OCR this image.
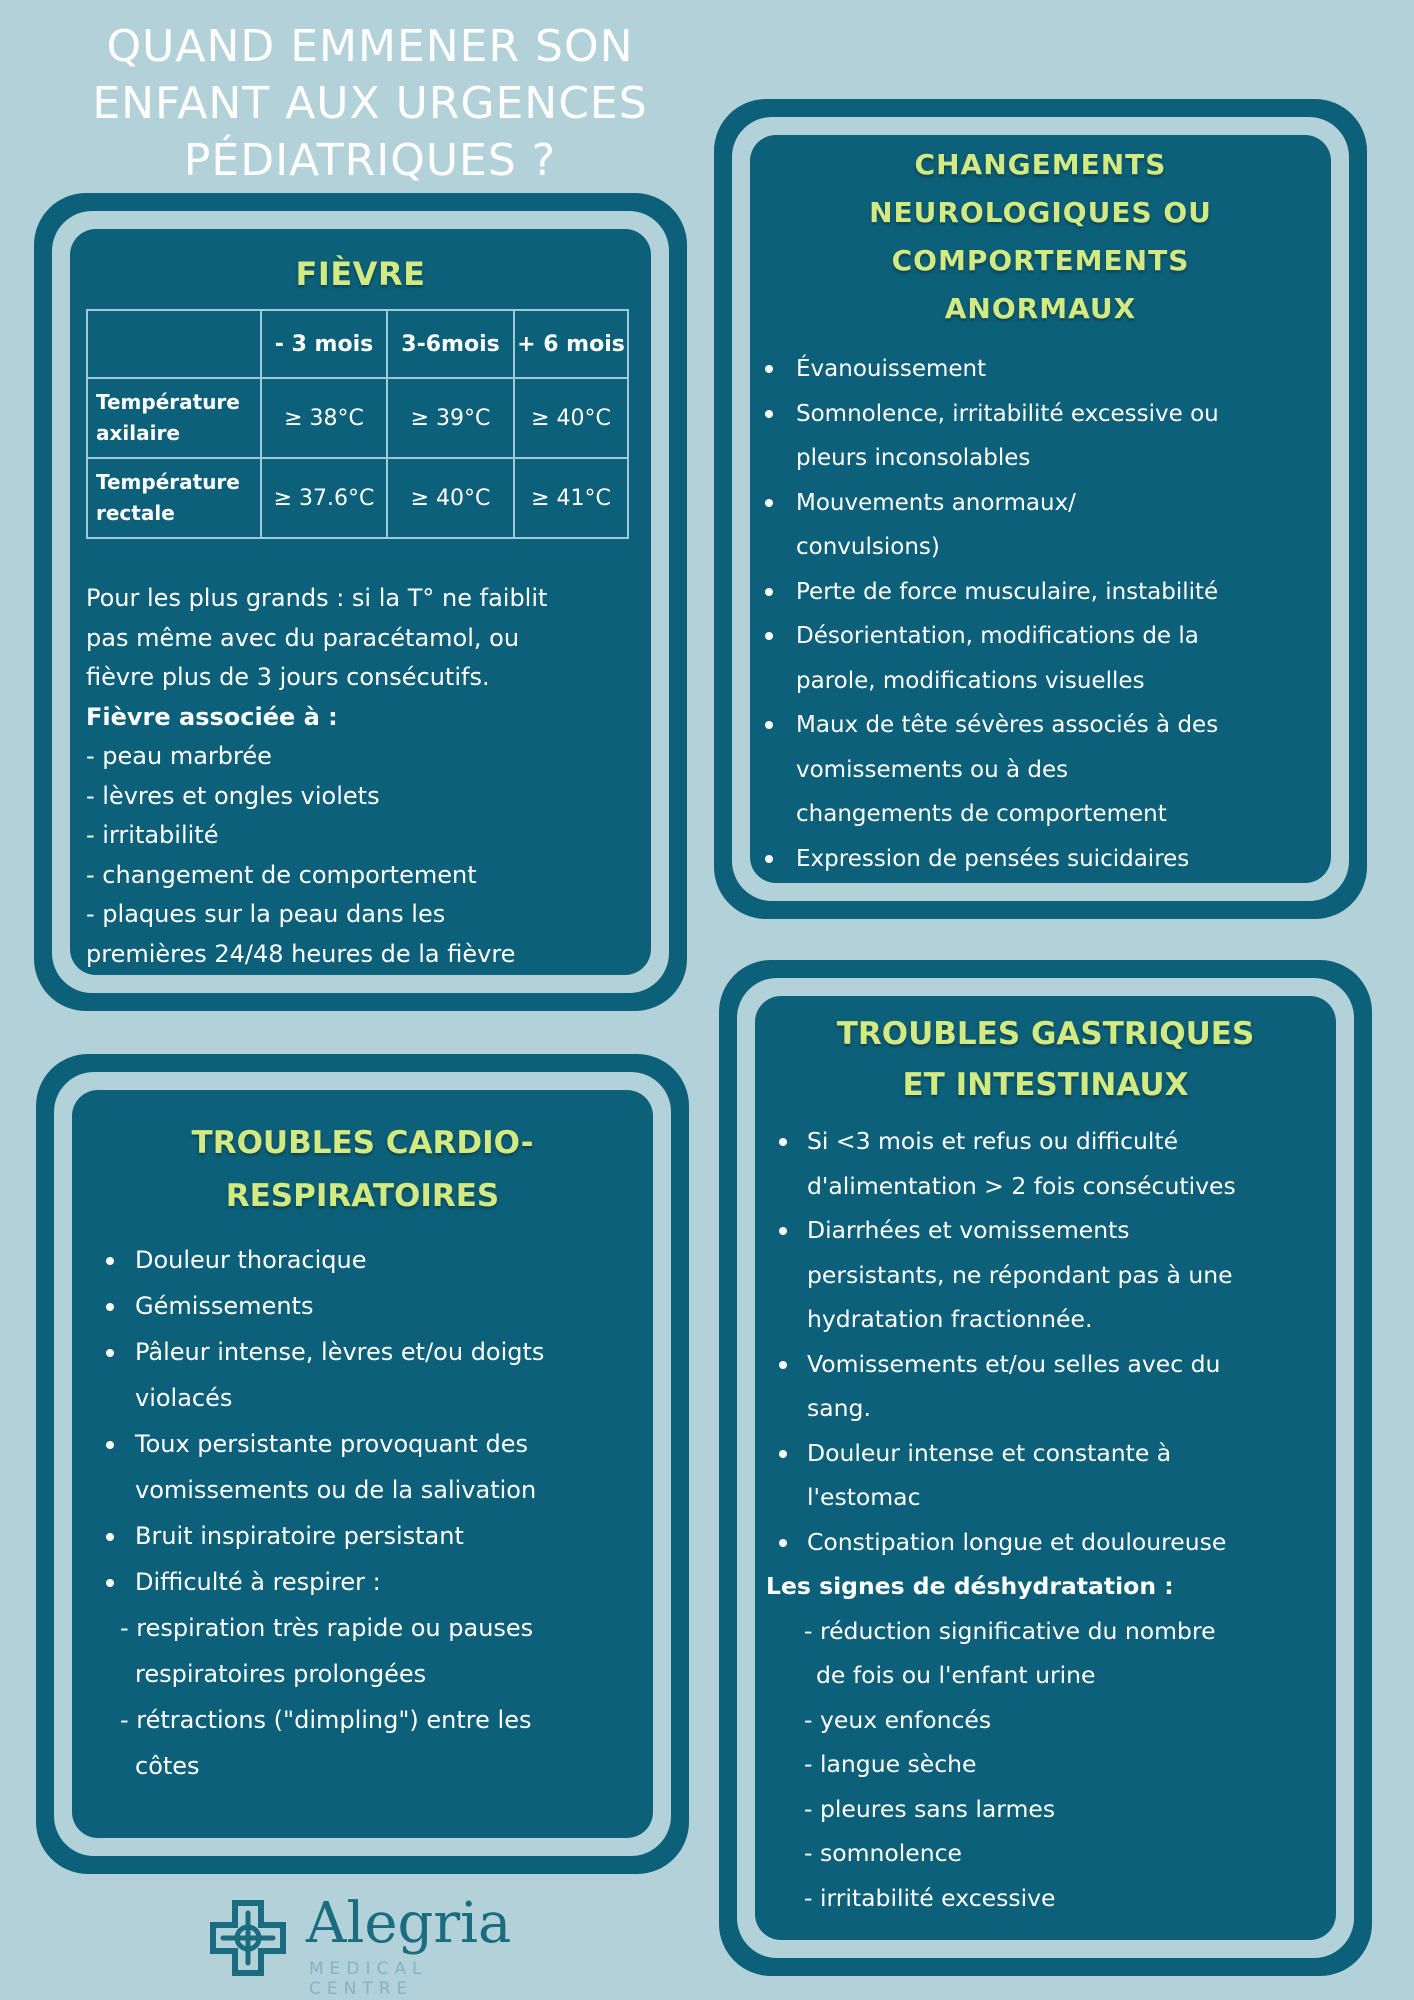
QUAND EMMENER SON
ENFANT AUX URGENCES
PÉDIATRIQUES ?
FIÈVRE
	- 3 mois	3-6mois	+ 6 mois

Température
axilaire	≥ 38°C	≥ 39°C	≥ 40°C

Température
rectale	≥ 37.6°C	≥ 40°C	≥ 41°C
Pour les plus grands : si la T° ne faiblit
pas même avec du paracétamol, ou
fièvre plus de 3 jours consécutifs.
Fièvre associée à :
- peau marbrée
- lèvres et ongles violets
- irritabilité
- changement de comportement
- plaques sur la peau dans les
premières 24/48 heures de la fièvre
CHANGEMENTS
NEUROLOGIQUES OU
COMPORTEMENTS
ANORMAUX
Évanouissement
Somnolence, irritabilité excessive ou
pleurs inconsolables
Mouvements anormaux/
convulsions)
Perte de force musculaire, instabilité
Désorientation, modifications de la
parole, modifications visuelles
Maux de tête sévères associés à des
vomissements ou à des
changements de comportement
Expression de pensées suicidaires
TROUBLES CARDIO-
RESPIRATOIRES
Douleur thoracique
Gémissements
Pâleur intense, lèvres et/ou doigts
violacés
Toux persistante provoquant des
vomissements ou de la salivation
Bruit inspiratoire persistant
Difficulté à respirer :
- respiration très rapide ou pauses
respiratoires prolongées
- rétractions ("dimpling") entre les
côtes
TROUBLES GASTRIQUES
ET INTESTINAUX
Si <3 mois et refus ou difficulté
d'alimentation > 2 fois consécutives
Diarrhées et vomissements
persistants, ne répondant pas à une
hydratation fractionnée.
Vomissements et/ou selles avec du
sang.
Douleur intense et constante à
l'estomac
Constipation longue et douloureuse
Les signes de déshydratation :
- réduction significative du nombre
de fois ou l'enfant urine
- yeux enfoncés
- langue sèche
- pleures sans larmes
- somnolence
- irritabilité excessive
Alegria
MEDICAL CENTRE
